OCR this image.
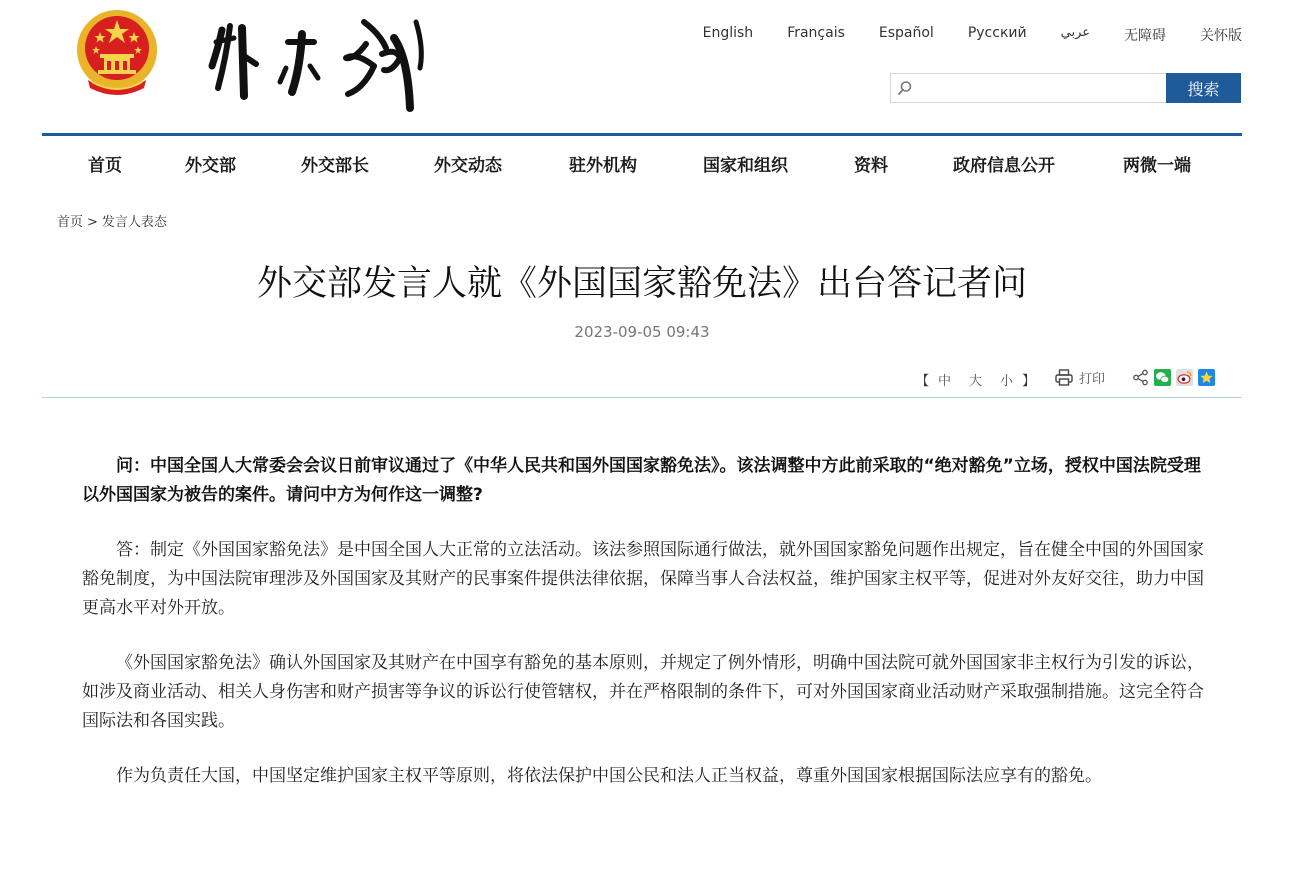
English Français Español Русский	عربي 无障碍 关怀版
搜索
首页	外交部	外交部长	外交动态	驻外机构	国家和组织	资料	政府信息公开	两微一端
首页 > 发言人表态
外交部发言人就《外国国家豁免法》出台答记者问
2023-09-05 09:43
【 中 大 小 】	打印

问：中国全国人大常委会会议日前审议通过了《中华人民共和国外国国家豁免法》。该法调整中方此前采取的“绝对豁免”立场，授权中国法院受理以外国国家为被告的案件。请问中方为何作这一调整?

答：制定《外国国家豁免法》是中国全国人大正常的立法活动。该法参照国际通行做法，就外国国家豁免问题作出规定，旨在健全中国的外国国家豁免制度，为中国法院审理涉及外国国家及其财产的民事案件提供法律依据，保障当事人合法权益，维护国家主权平等，促进对外友好交往，助力中国更高水平对外开放。

《外国国家豁免法》确认外国国家及其财产在中国享有豁免的基本原则，并规定了例外情形，明确中国法院可就外国国家非主权行为引发的诉讼，如涉及商业活动、相关人身伤害和财产损害等争议的诉讼行使管辖权，并在严格限制的条件下，可对外国国家商业活动财产采取强制措施。这完全符合国际法和各国实践。

作为负责任大国，中国坚定维护国家主权平等原则，将依法保护中国公民和法人正当权益，尊重外国国家根据国际法应享有的豁免。
